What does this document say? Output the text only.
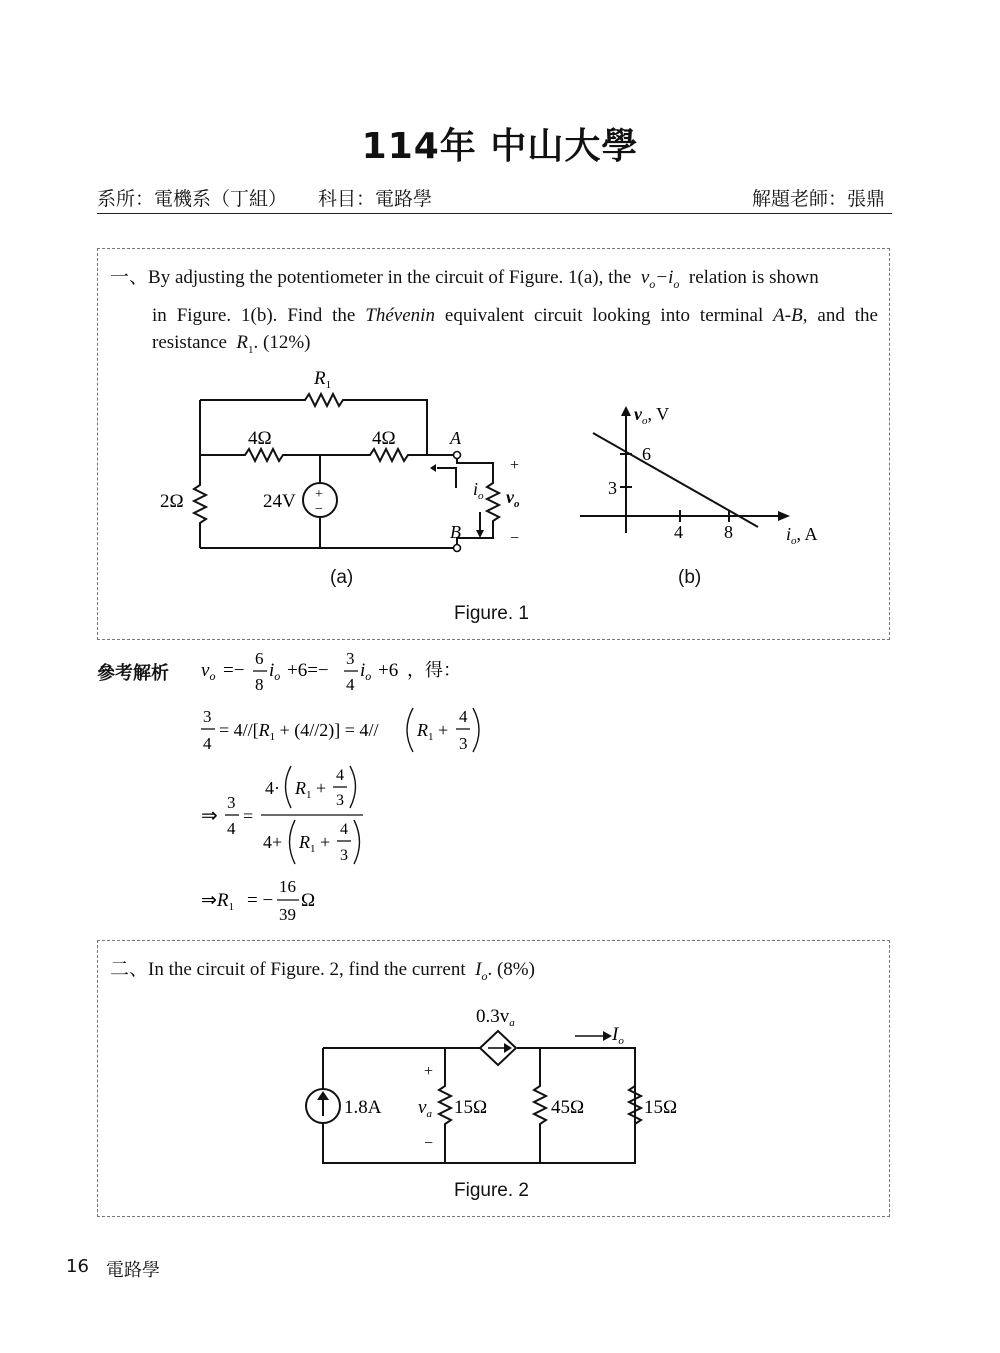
114年 中山大學
系所：電機系（丁組） 科目：電路學	解題老師：張鼎
一、By adjusting the potentiometer in the circuit of Figure. 1(a), the $v_o-i_o$ relation is shown
in Figure. 1(b). Find the Thévenin equivalent circuit looking into terminal A-B, and the
resistance $R_1$. (12%)
$R_1$
4Ω	4Ω
2Ω	24V +
−
A
B
$i_o$ $v_o$
+
−
(a)
$v_o$, V
6
3
4 8	$i_o$, A
(b)
Figure. 1
參考解析 $v_o$ =−
6
8
$i_o +6=-$
3
4
$i_o +6$ ，得：
3
4
= $4//[R_1 + (4//2)] = 4//$ $R_1$ +
4
3
⇒
3
4
=
$4\cdot R_1$ +
4
3
$4+ R_1$ +
4
3
$\Rightarrow R_1$ = −
16
39
Ω
二、In the circuit of Figure. 2, find the current $I_o$. (8%)
$0.3v_a$
$I_o$
1.8A
+
−
$v_a$ 15Ω	45Ω	15Ω
Figure. 2
16 電路學
